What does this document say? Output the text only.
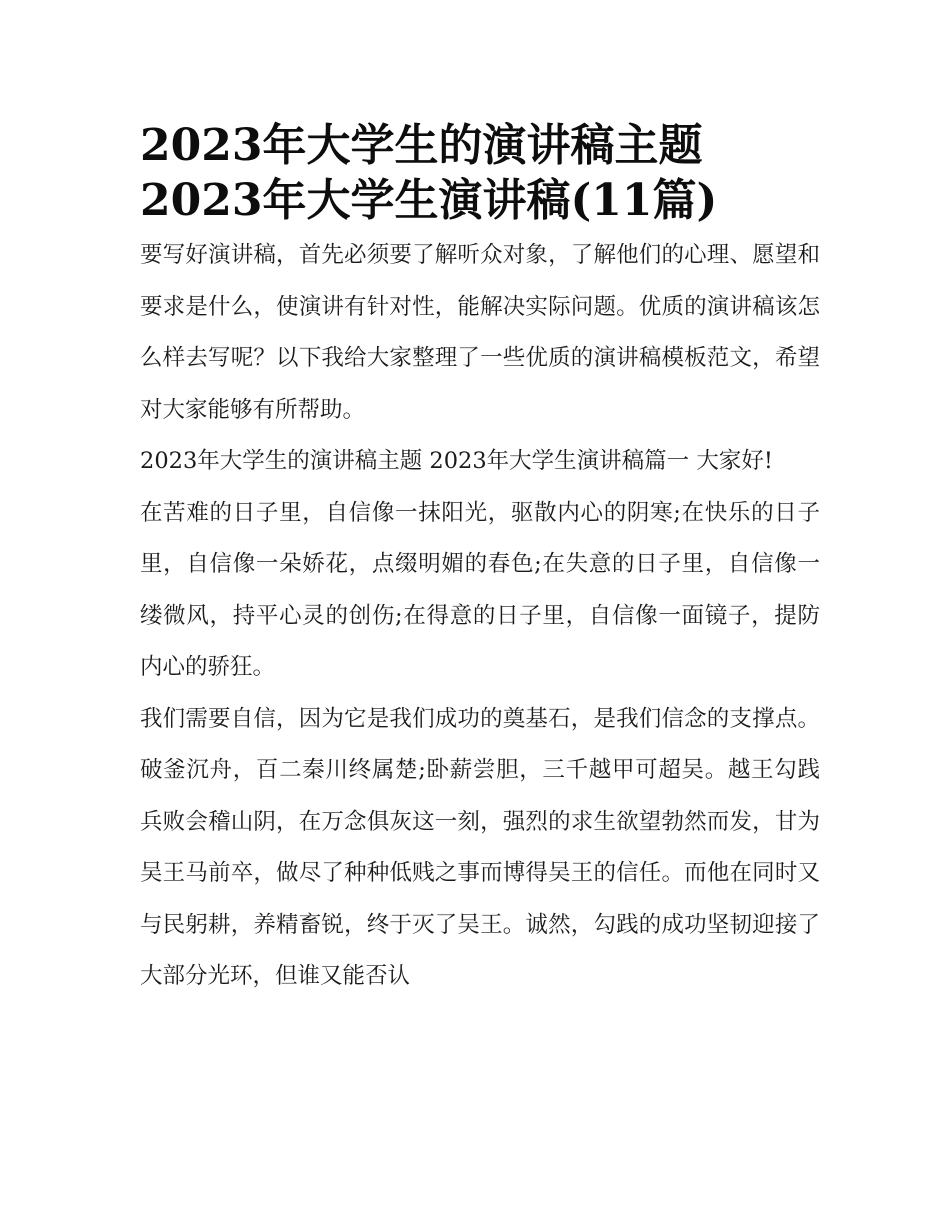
2023年大学生的演讲稿主题
2023年大学生演讲稿(11篇)

要写好演讲稿，首先必须要了解听众对象，了解他们的心理、愿望和要求是什么，使演讲有针对性，能解决实际问题。优质的演讲稿该怎么样去写呢？以下我给大家整理了一些优质的演讲稿模板范文，希望对大家能够有所帮助。

2023年大学生的演讲稿主题 2023年大学生演讲稿篇一 大家好!

在苦难的日子里，自信像一抹阳光，驱散内心的阴寒;在快乐的日子里，自信像一朵娇花，点缀明媚的春色;在失意的日子里，自信像一缕微风，持平心灵的创伤;在得意的日子里，自信像一面镜子，提防内心的骄狂。

我们需要自信，因为它是我们成功的奠基石，是我们信念的支撑点。破釜沉舟，百二秦川终属楚;卧薪尝胆，三千越甲可超吴。越王勾践兵败会稽山阴，在万念俱灰这一刻，强烈的求生欲望勃然而发，甘为吴王马前卒，做尽了种种低贱之事而博得吴王的信任。而他在同时又与民躬耕，养精畜锐，终于灭了吴王。诚然，勾践的成功坚韧迎接了大部分光环，但谁又能否认
